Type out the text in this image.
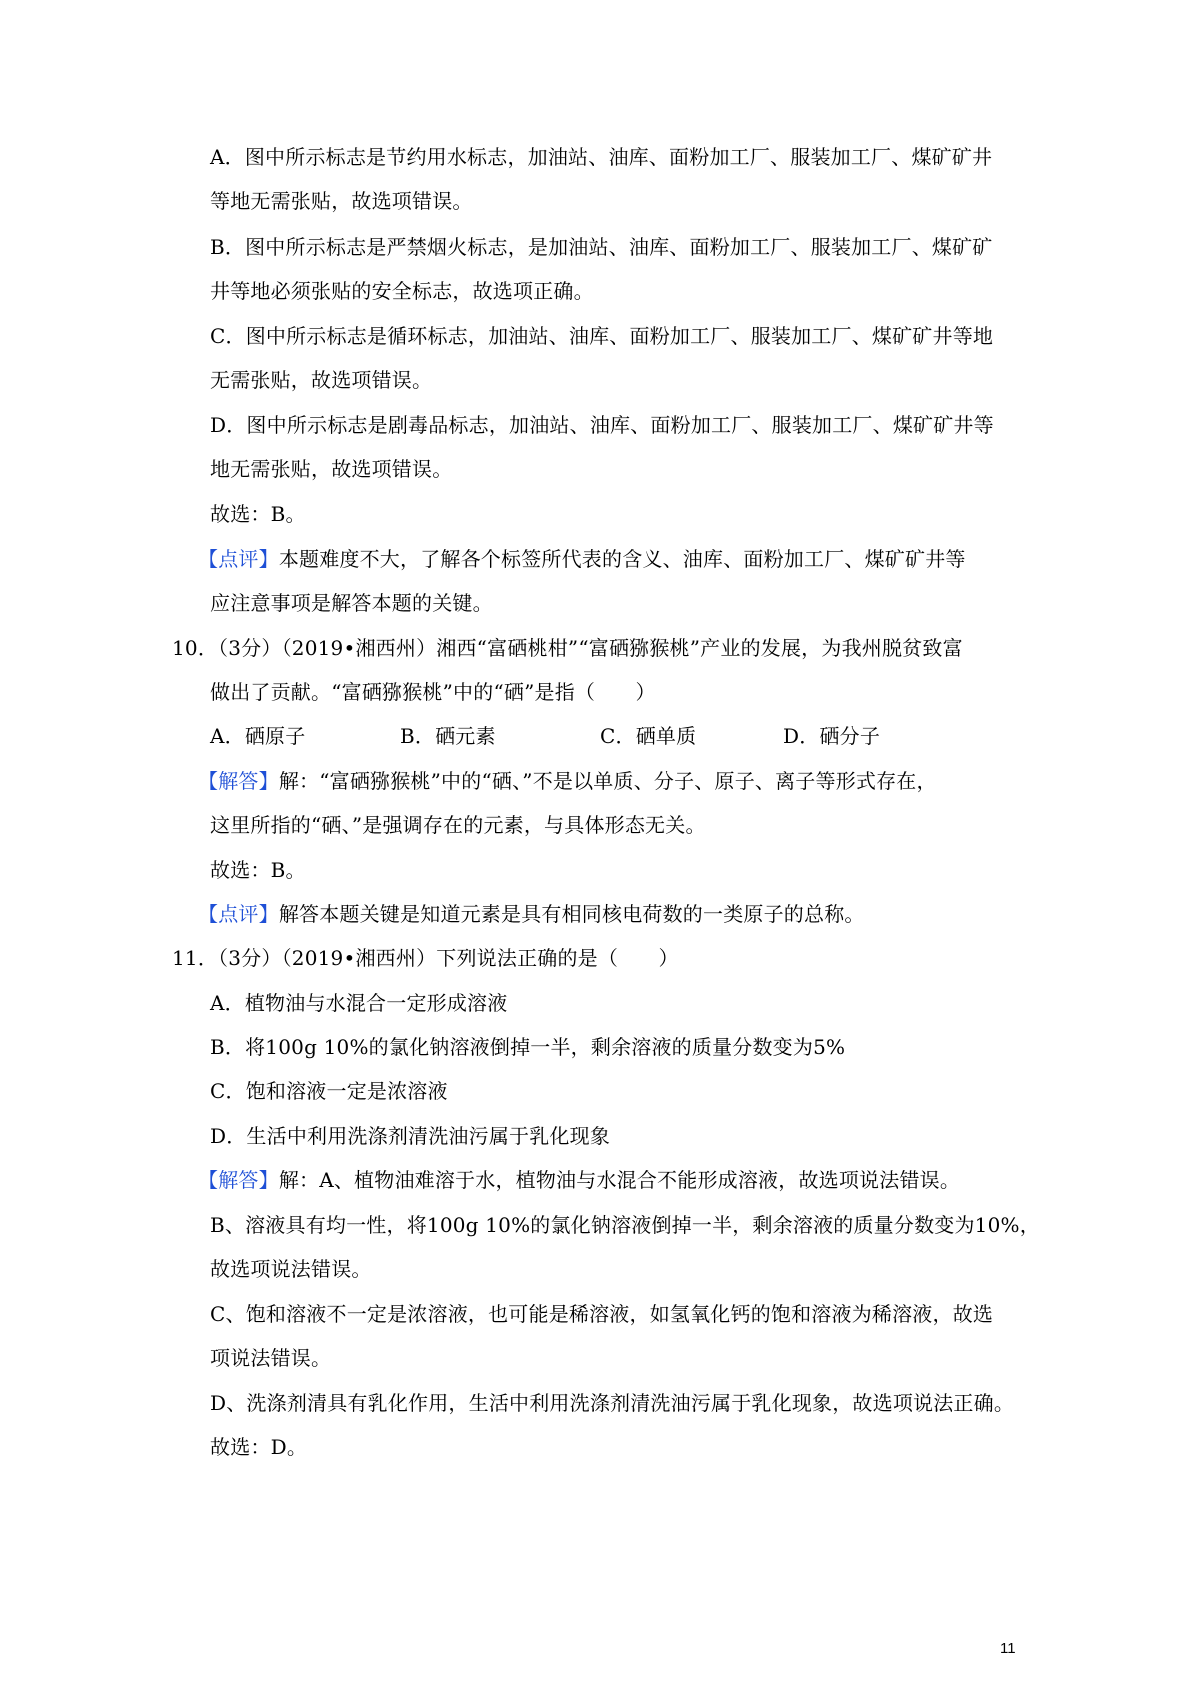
A．图中所示标志是节约用水标志，加油站、油库、面粉加工厂、服装加工厂、煤矿矿井

等地无需张贴，故选项错误。

B．图中所示标志是严禁烟火标志，是加油站、油库、面粉加工厂、服装加工厂、煤矿矿

井等地必须张贴的安全标志，故选项正确。

C．图中所示标志是循环标志，加油站、油库、面粉加工厂、服装加工厂、煤矿矿井等地

无需张贴，故选项错误。

D．图中所示标志是剧毒品标志，加油站、油库、面粉加工厂、服装加工厂、煤矿矿井等

地无需张贴，故选项错误。

故选：B。

【点评】本题难度不大，了解各个标签所代表的含义、油库、面粉加工厂、煤矿矿井等

应注意事项是解答本题的关键。

10．（3分）（2019•湘西州）湘西“富硒桃柑”“富硒猕猴桃”产业的发展，为我州脱贫致富

做出了贡献。“富硒猕猴桃”中的“硒”是指（　　）

A．硒原子	B．硒元素	C．硒单质	D．硒分子

【解答】解：“富硒猕猴桃”中的“硒、”不是以单质、分子、原子、离子等形式存在，

这里所指的“硒、”是强调存在的元素，与具体形态无关。

故选：B。

【点评】解答本题关键是知道元素是具有相同核电荷数的一类原子的总称。

11．（3分）（2019•湘西州）下列说法正确的是（　　）

A．植物油与水混合一定形成溶液

B．将100g 10%的氯化钠溶液倒掉一半，剩余溶液的质量分数变为5%

C．饱和溶液一定是浓溶液

D．生活中利用洗涤剂清洗油污属于乳化现象

【解答】解：A、植物油难溶于水，植物油与水混合不能形成溶液，故选项说法错误。

B、溶液具有均一性，将100g 10%的氯化钠溶液倒掉一半，剩余溶液的质量分数变为10%，

故选项说法错误。

C、饱和溶液不一定是浓溶液，也可能是稀溶液，如氢氧化钙的饱和溶液为稀溶液，故选

项说法错误。

D、洗涤剂清具有乳化作用，生活中利用洗涤剂清洗油污属于乳化现象，故选项说法正确。

故选：D。

11
